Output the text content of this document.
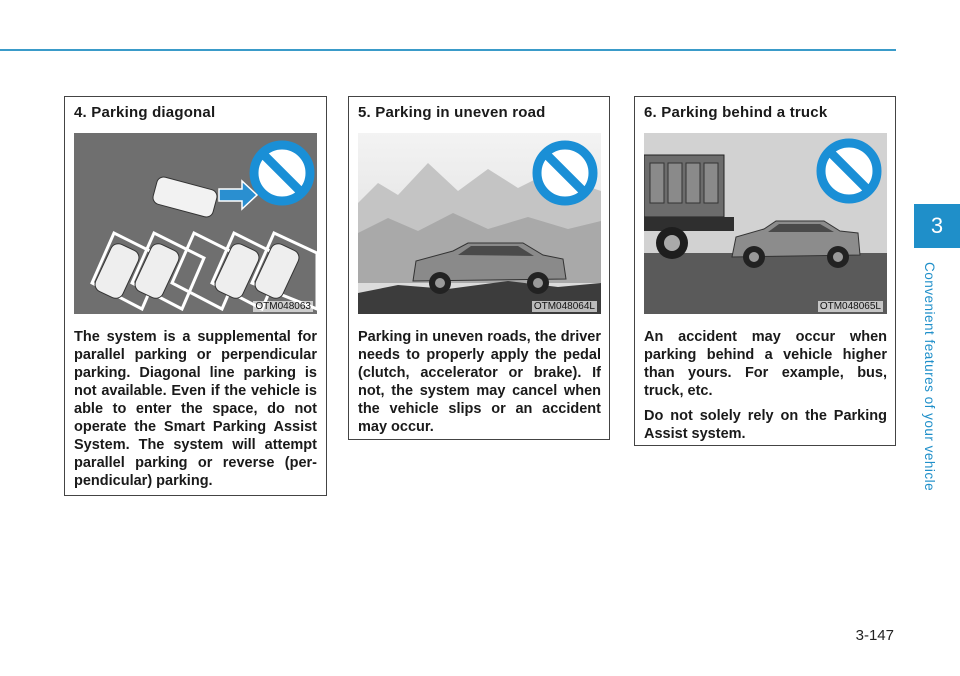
4. Parking diagonal
OTM048063

The system is a supplemental for parallel parking or perpendicular parking. Diagonal line parking is not available. Even if the vehicle is able to enter the space, do not operate the Smart Parking Assist System. The system will attempt parallel parking or reverse (per-pendicular) parking.

5. Parking in uneven road
OTM048064L

Parking in uneven roads, the driver needs to properly apply the pedal (clutch, accelerator or brake). If not, the system may cancel when the vehicle slips or an accident may occur.

6. Parking behind a truck
OTM048065L

An accident may occur when parking behind a vehicle higher than yours. For example, bus, truck, etc.

Do not solely rely on the Parking Assist system.

3
Convenient features of your vehicle
3-147
